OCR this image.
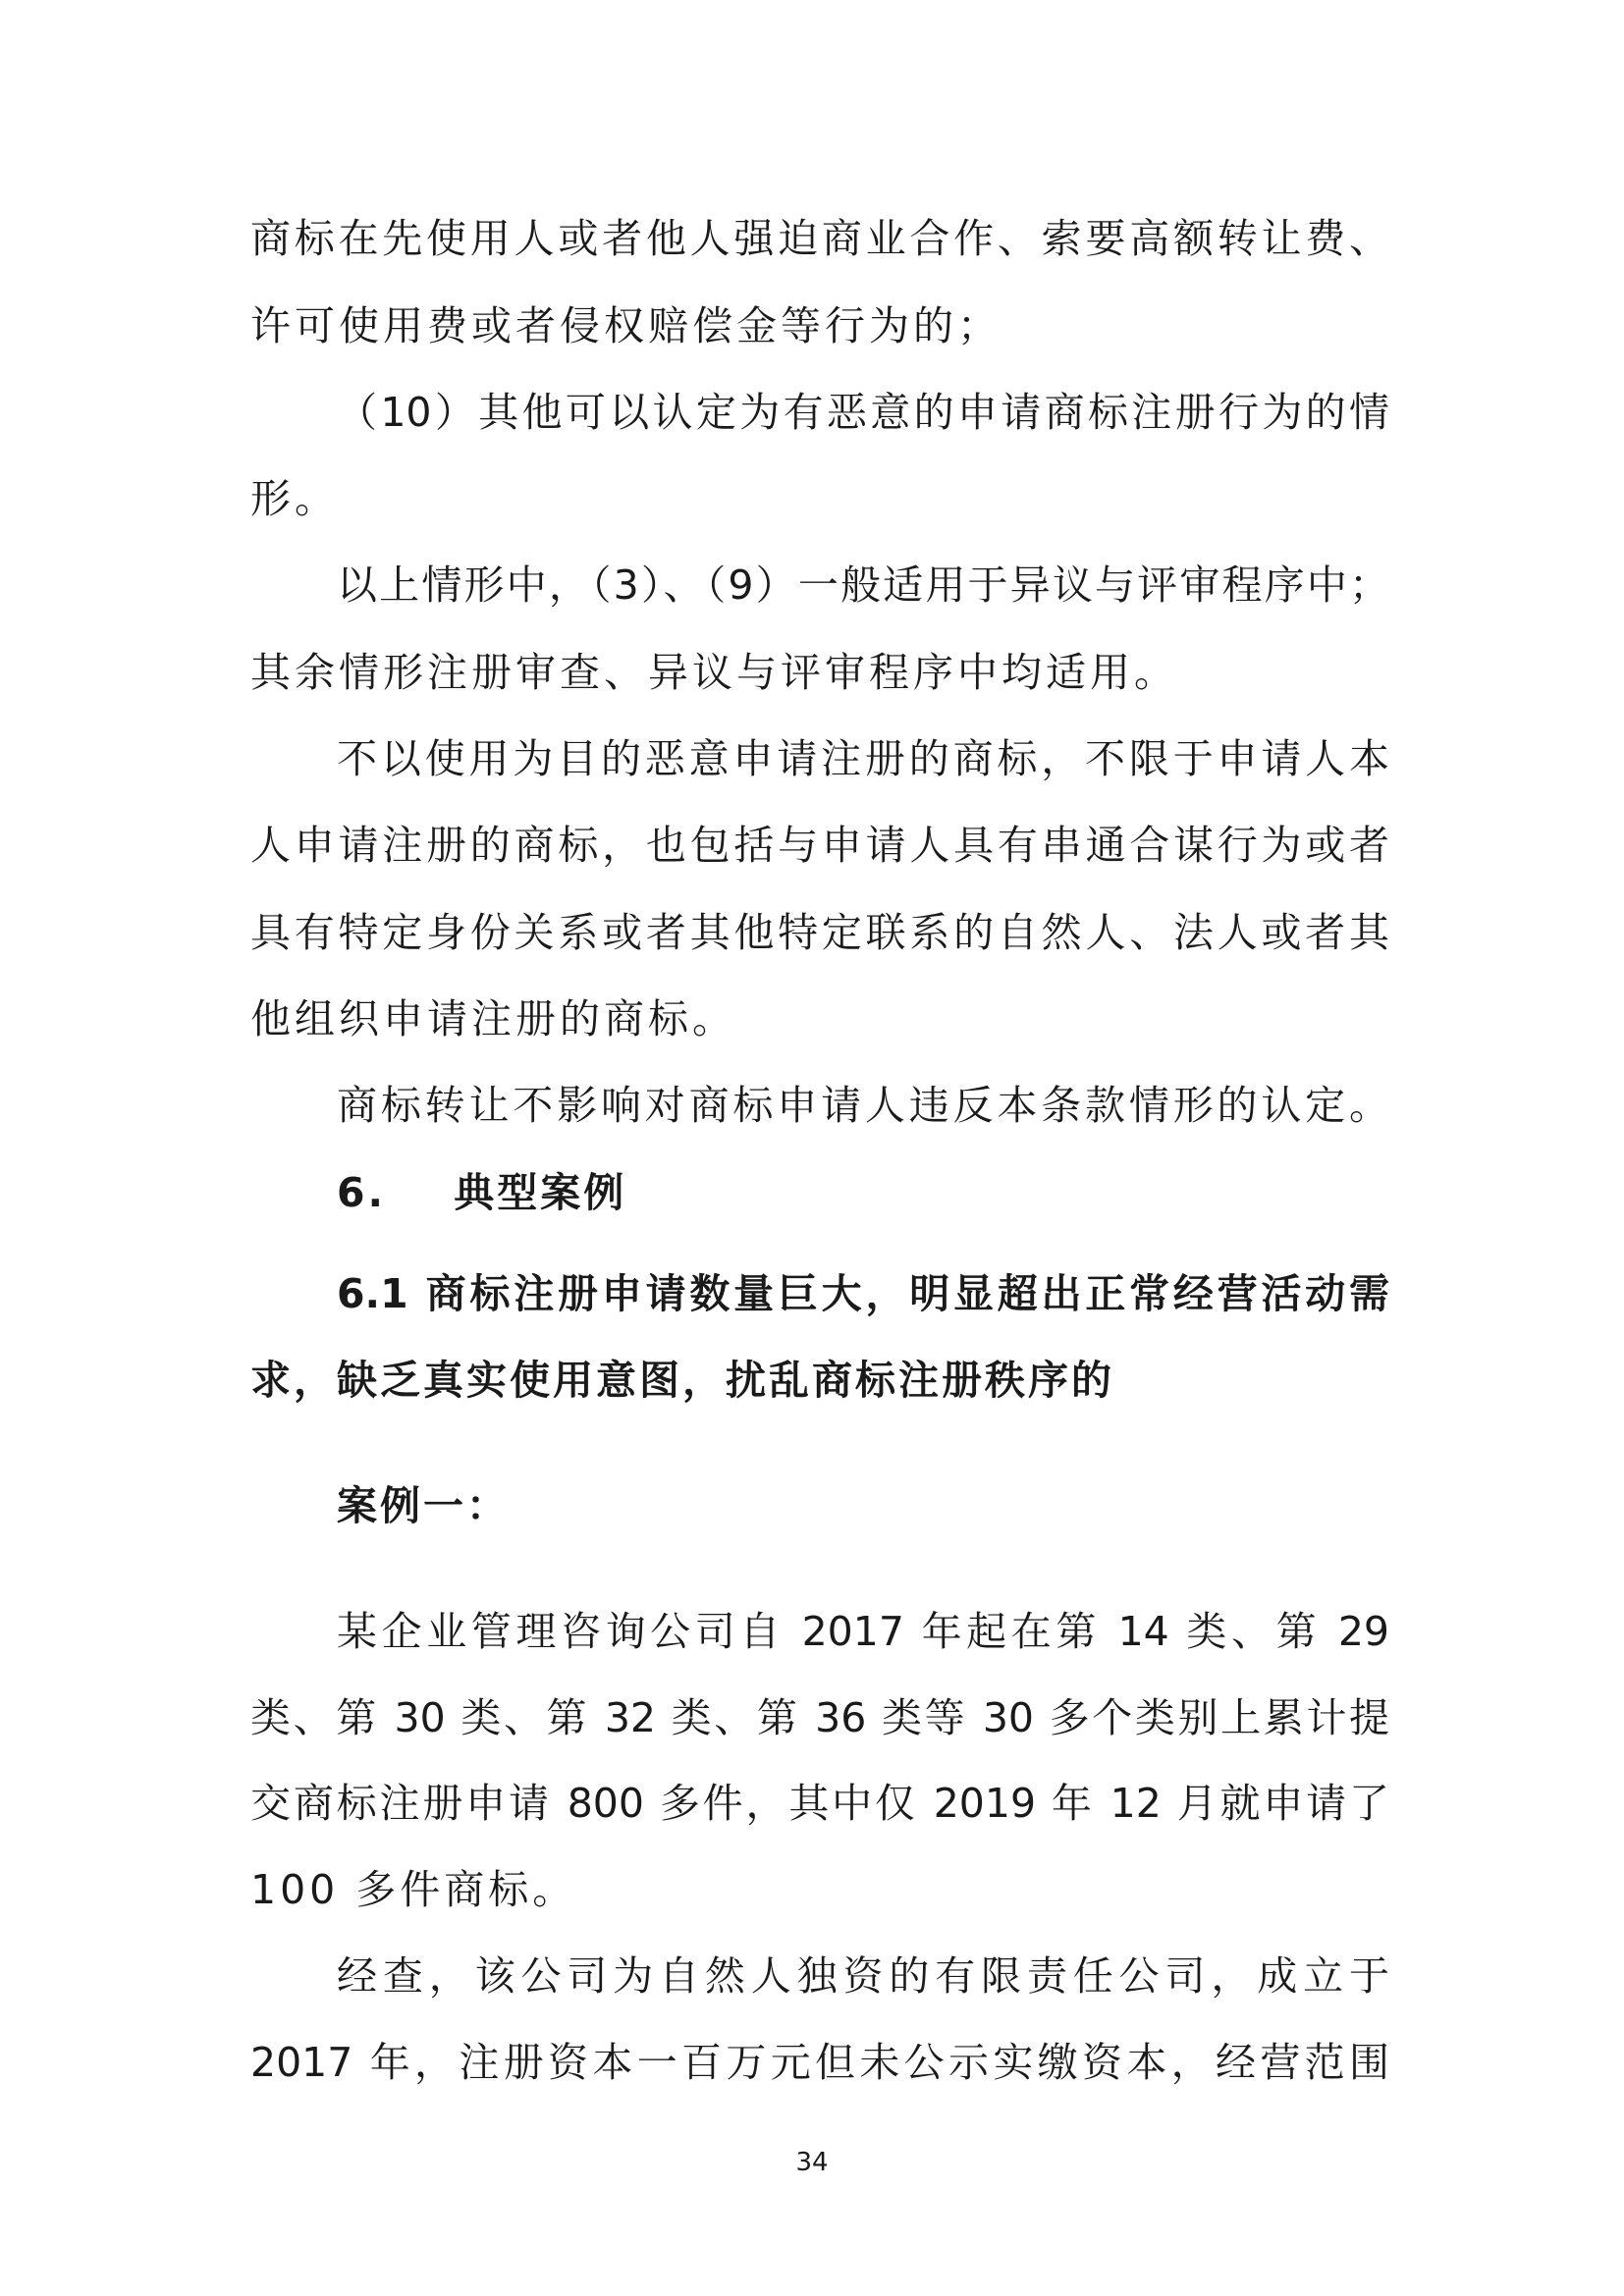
商标在先使用人或者他人强迫商业合作、索要高额转让费、
许可使用费或者侵权赔偿金等行为的；
（10）其他可以认定为有恶意的申请商标注册行为的情
形。
以上情形中，（3）、（9）一般适用于异议与评审程序中；
其余情形注册审查、异议与评审程序中均适用。
不以使用为目的恶意申请注册的商标，不限于申请人本
人申请注册的商标，也包括与申请人具有串通合谋行为或者
具有特定身份关系或者其他特定联系的自然人、法人或者其
他组织申请注册的商标。
商标转让不影响对商标申请人违反本条款情形的认定。
6.    典型案例
6.1 商标注册申请数量巨大，明显超出正常经营活动需
求，缺乏真实使用意图，扰乱商标注册秩序的
案例一：
某企业管理咨询公司自 2017 年起在第 14 类、第 29
类、第 30 类、第 32 类、第 36 类等 30 多个类别上累计提
交商标注册申请 800 多件，其中仅 2019 年 12 月就申请了
100 多件商标。
经查，该公司为自然人独资的有限责任公司，成立于
2017 年，注册资本一百万元但未公示实缴资本，经营范围
34
